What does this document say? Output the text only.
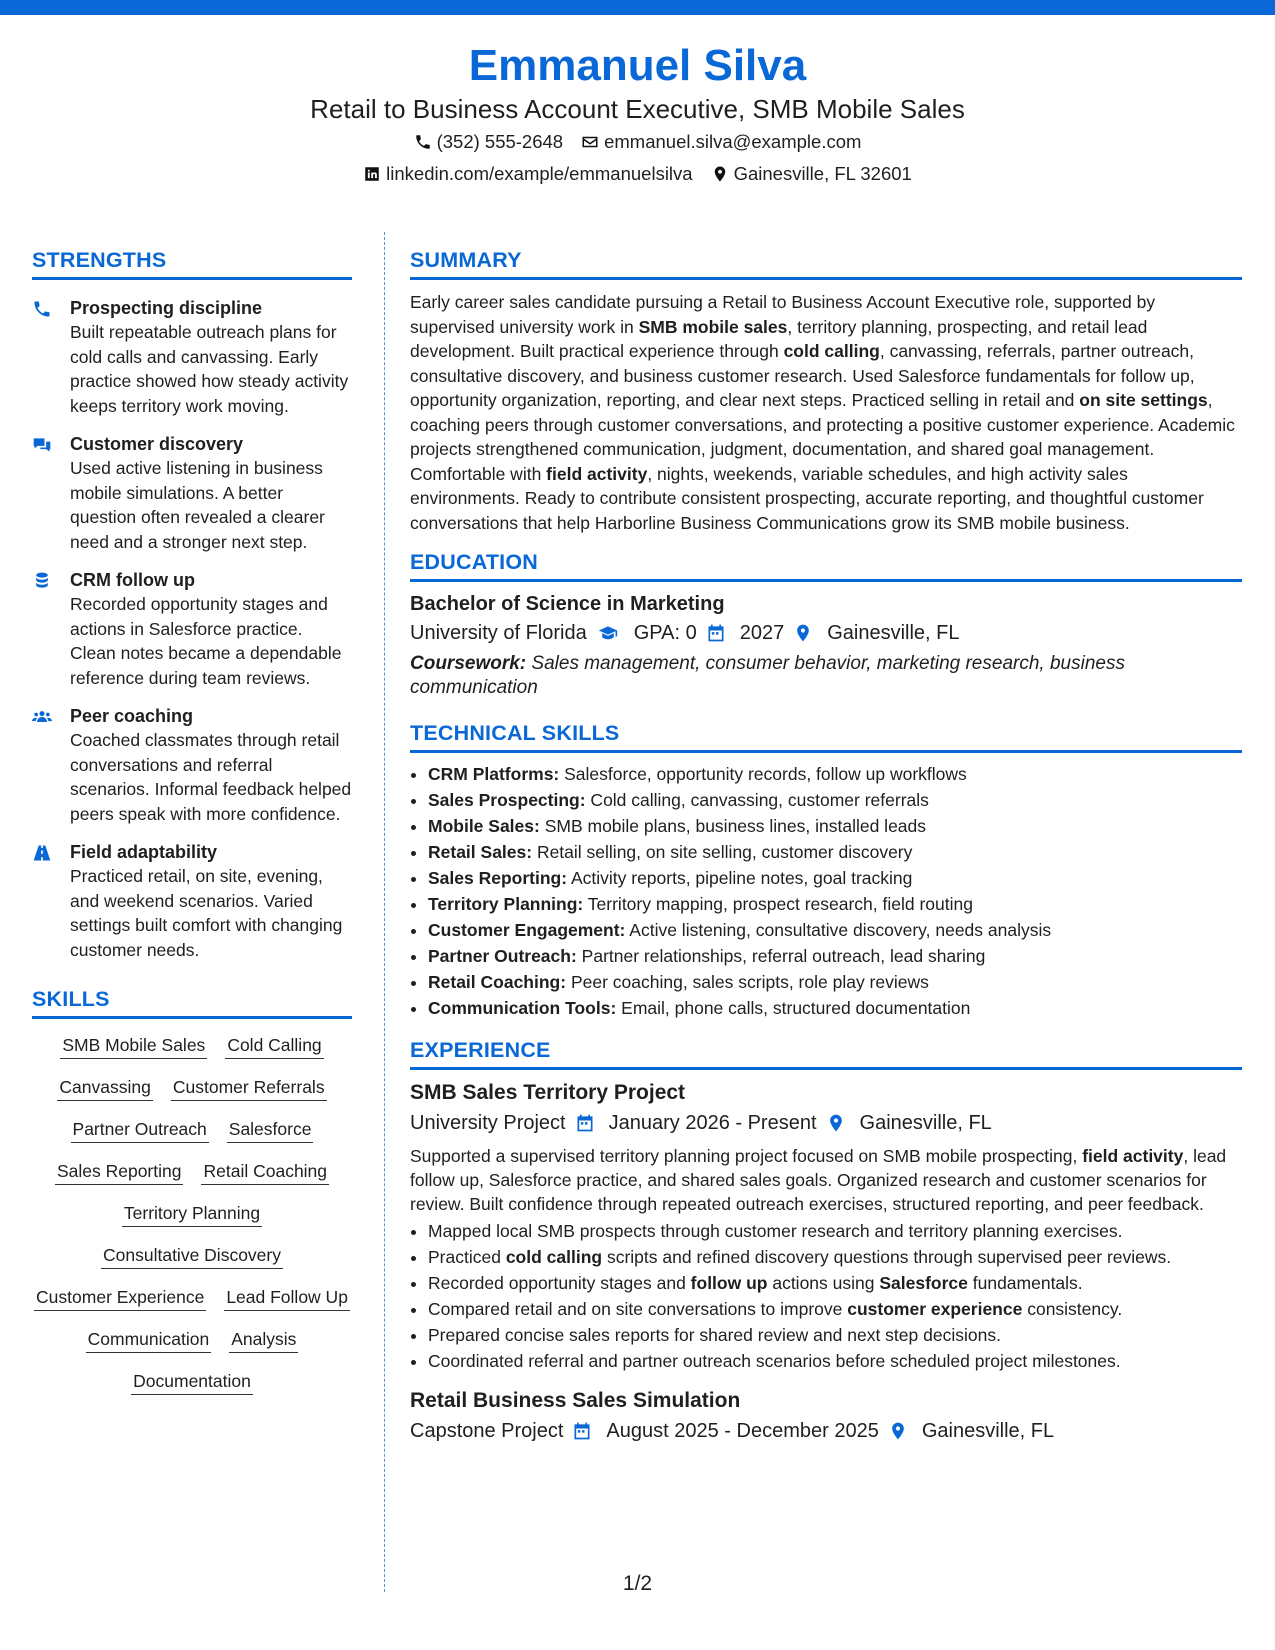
Emmanuel Silva
Retail to Business Account Executive, SMB Mobile Sales
(352) 555-2648 emmanuel.silva@example.com
linkedin.com/example/emmanuelsilva Gainesville, FL 32601
STRENGTHS
Prospecting discipline
Built repeatable outreach plans for cold calls and canvassing. Early practice showed how steady activity keeps territory work moving.
Customer discovery
Used active listening in business mobile simulations. A better question often revealed a clearer need and a stronger next step.
CRM follow up
Recorded opportunity stages and actions in Salesforce practice. Clean notes became a dependable reference during team reviews.
Peer coaching
Coached classmates through retail conversations and referral scenarios. Informal feedback helped peers speak with more confidence.
Field adaptability
Practiced retail, on site, evening, and weekend scenarios. Varied settings built comfort with changing customer needs.
SKILLS
SMB Mobile Sales Cold Calling
Canvassing Customer Referrals
Partner Outreach Salesforce
Sales Reporting Retail Coaching
Territory Planning
Consultative Discovery
Customer Experience Lead Follow Up
Communication Analysis
Documentation
SUMMARY
Early career sales candidate pursuing a Retail to Business Account Executive role, supported by supervised university work in SMB mobile sales, territory planning, prospecting, and retail lead development. Built practical experience through cold calling, canvassing, referrals, partner outreach, consultative discovery, and business customer research. Used Salesforce fundamentals for follow up, opportunity organization, reporting, and clear next steps. Practiced selling in retail and on site settings, coaching peers through customer conversations, and protecting a positive customer experience. Academic projects strengthened communication, judgment, documentation, and shared goal management. Comfortable with field activity, nights, weekends, variable schedules, and high activity sales environments. Ready to contribute consistent prospecting, accurate reporting, and thoughtful customer conversations that help Harborline Business Communications grow its SMB mobile business.
EDUCATION
Bachelor of Science in Marketing
University of Florida GPA: 0 2027 Gainesville, FL
Coursework: Sales management, consumer behavior, marketing research, business communication
TECHNICAL SKILLS
• CRM Platforms: Salesforce, opportunity records, follow up workflows
• Sales Prospecting: Cold calling, canvassing, customer referrals
• Mobile Sales: SMB mobile plans, business lines, installed leads
• Retail Sales: Retail selling, on site selling, customer discovery
• Sales Reporting: Activity reports, pipeline notes, goal tracking
• Territory Planning: Territory mapping, prospect research, field routing
• Customer Engagement: Active listening, consultative discovery, needs analysis
• Partner Outreach: Partner relationships, referral outreach, lead sharing
• Retail Coaching: Peer coaching, sales scripts, role play reviews
• Communication Tools: Email, phone calls, structured documentation
EXPERIENCE
SMB Sales Territory Project
University Project January 2026 - Present Gainesville, FL
Supported a supervised territory planning project focused on SMB mobile prospecting, field activity, lead follow up, Salesforce practice, and shared sales goals. Organized research and customer scenarios for review. Built confidence through repeated outreach exercises, structured reporting, and peer feedback.
• Mapped local SMB prospects through customer research and territory planning exercises.
• Practiced cold calling scripts and refined discovery questions through supervised peer reviews.
• Recorded opportunity stages and follow up actions using Salesforce fundamentals.
• Compared retail and on site conversations to improve customer experience consistency.
• Prepared concise sales reports for shared review and next step decisions.
• Coordinated referral and partner outreach scenarios before scheduled project milestones.
Retail Business Sales Simulation
Capstone Project August 2025 - December 2025 Gainesville, FL
1/2
